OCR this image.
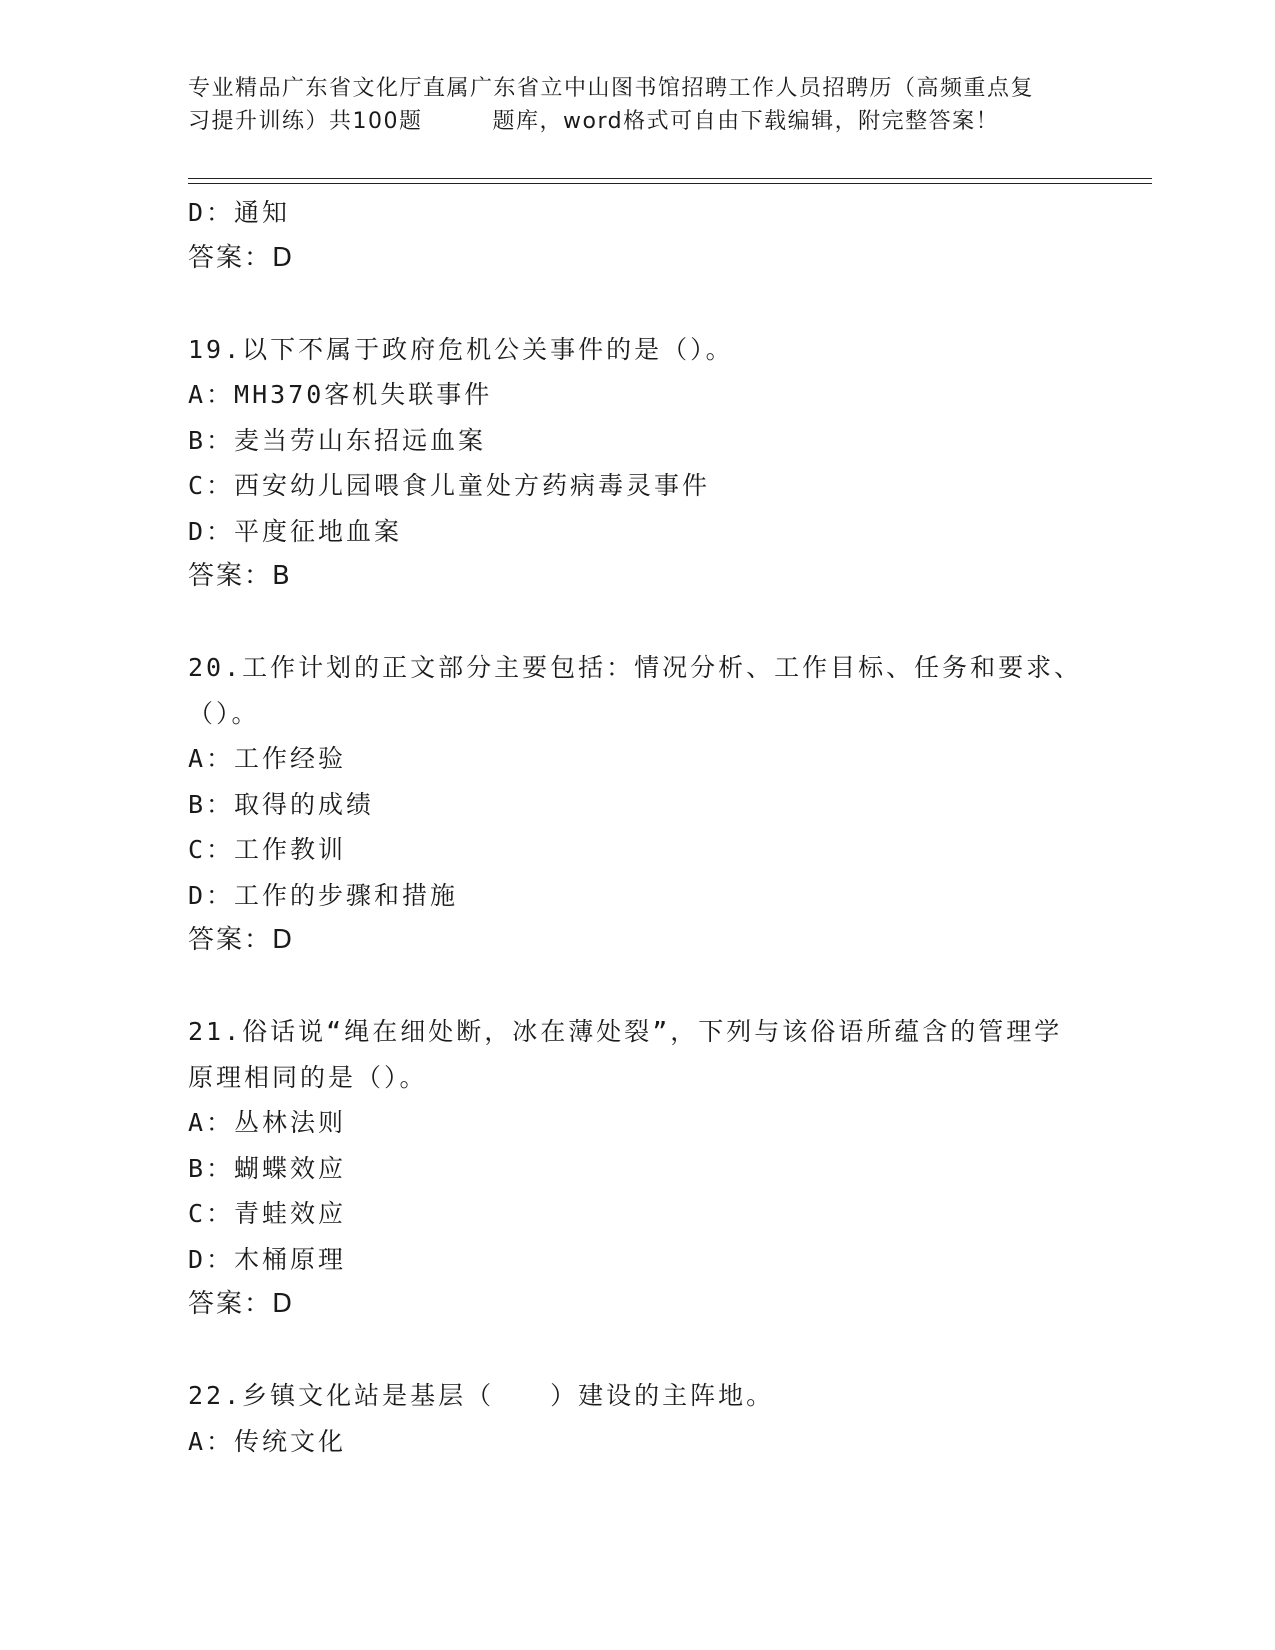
专业精品广东省文化厅直属广东省立中山图书馆招聘工作人员招聘历（高频重点复
习提升训练）共100题	题库，word格式可自由下载编辑，附完整答案！
D：通知
答案：D
19.以下不属于政府危机公关事件的是（）。
A：MH370客机失联事件
B：麦当劳山东招远血案
C：西安幼儿园喂食儿童处方药病毒灵事件
D：平度征地血案
答案：B
20.工作计划的正文部分主要包括：情况分析、工作目标、任务和要求、（）。
A：工作经验
B：取得的成绩
C：工作教训
D：工作的步骤和措施
答案：D
21.俗话说“绳在细处断，冰在薄处裂”，下列与该俗语所蕴含的管理学原理相同的是（）。
A：丛林法则
B：蝴蝶效应
C：青蛙效应
D：木桶原理
答案：D
22.乡镇文化站是基层（　　）建设的主阵地。
A：传统文化
